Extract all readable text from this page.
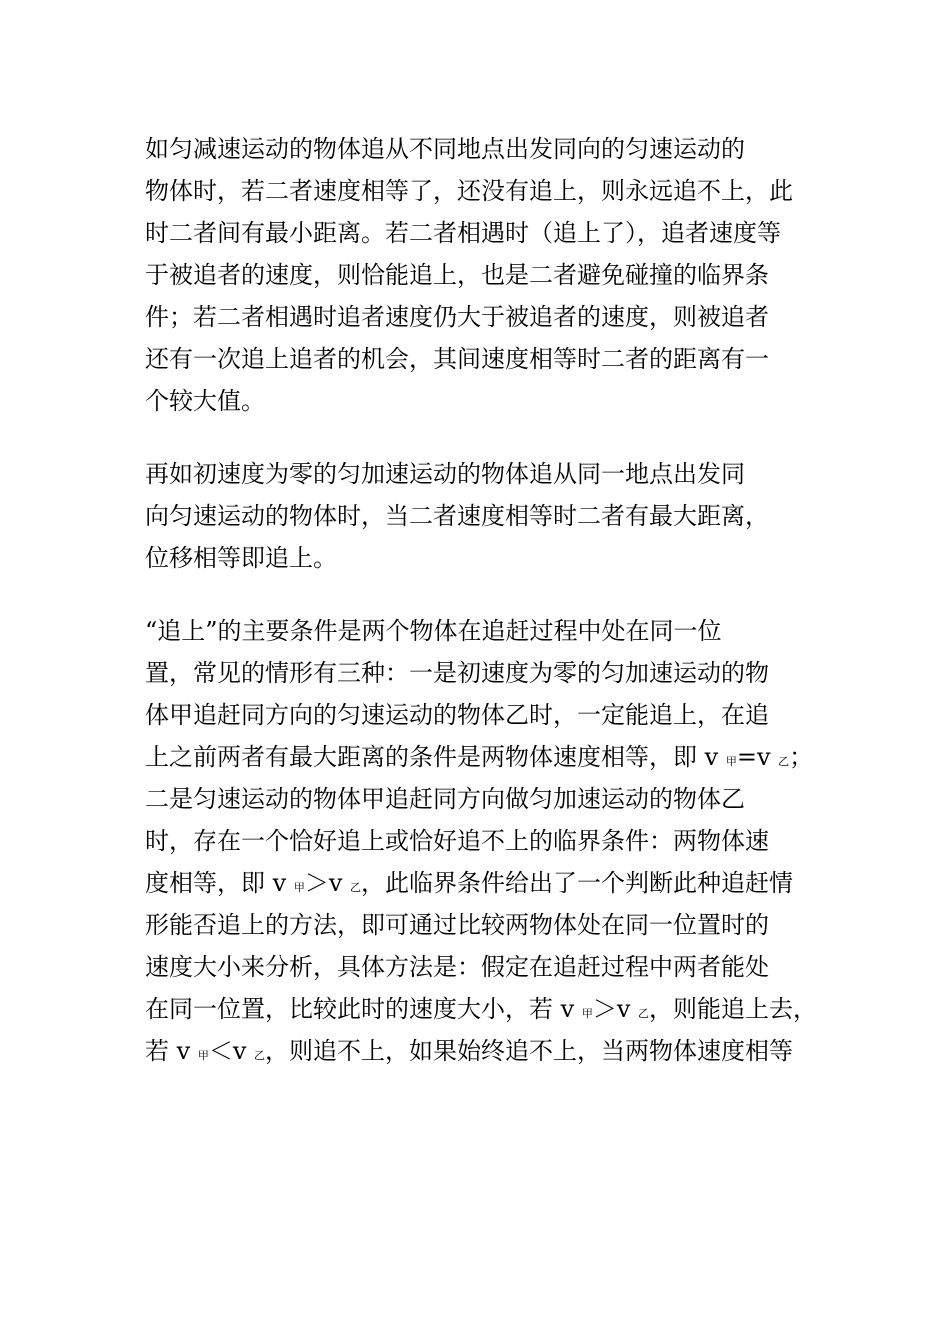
如匀减速运动的物体追从不同地点出发同向的匀速运动的
物体时，若二者速度相等了，还没有追上，则永远追不上，此
时二者间有最小距离。若二者相遇时（追上了），追者速度等
于被追者的速度，则恰能追上，也是二者避免碰撞的临界条
件；若二者相遇时追者速度仍大于被追者的速度，则被追者
还有一次追上追者的机会，其间速度相等时二者的距离有一
个较大值。
再如初速度为零的匀加速运动的物体追从同一地点出发同
向匀速运动的物体时，当二者速度相等时二者有最大距离，
位移相等即追上。
“追上”的主要条件是两个物体在追赶过程中处在同一位
置，常见的情形有三种：一是初速度为零的匀加速运动的物
体甲追赶同方向的匀速运动的物体乙时，一定能追上，在追
上之前两者有最大距离的条件是两物体速度相等，即 v 甲=v 乙；
二是匀速运动的物体甲追赶同方向做匀加速运动的物体乙
时，存在一个恰好追上或恰好追不上的临界条件：两物体速
度相等，即 v 甲＞v 乙，此临界条件给出了一个判断此种追赶情
形能否追上的方法，即可通过比较两物体处在同一位置时的
速度大小来分析，具体方法是：假定在追赶过程中两者能处
在同一位置，比较此时的速度大小，若 v 甲＞v 乙，则能追上去，
若 v 甲＜v 乙，则追不上，如果始终追不上，当两物体速度相等
